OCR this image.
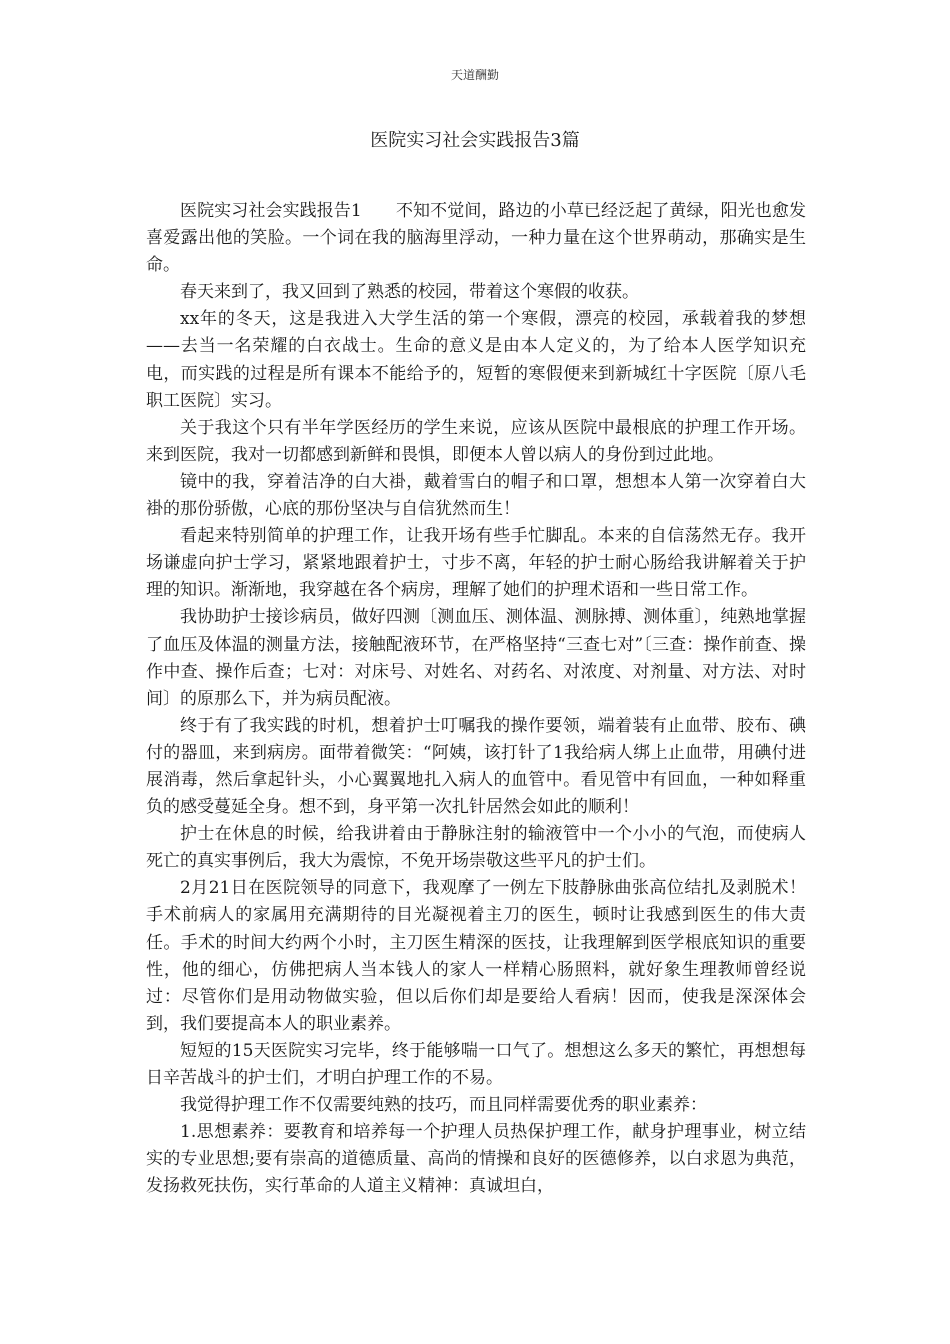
天道酬勤
医院实习社会实践报告3篇

医院实习社会实践报告1　　不知不觉间，路边的小草已经泛起了黄绿，阳光也愈发喜爱露出他的笑脸。一个词在我的脑海里浮动，一种力量在这个世界萌动，那确实是生命。

春天来到了，我又回到了熟悉的校园，带着这个寒假的收获。

xx年的冬天，这是我进入大学生活的第一个寒假，漂亮的校园，承载着我的梦想——去当一名荣耀的白衣战士。生命的意义是由本人定义的，为了给本人医学知识充电，而实践的过程是所有课本不能给予的，短暂的寒假便来到新城红十字医院〔原八毛职工医院〕实习。

关于我这个只有半年学医经历的学生来说，应该从医院中最根底的护理工作开场。来到医院，我对一切都感到新鲜和畏惧，即便本人曾以病人的身份到过此地。

镜中的我，穿着洁净的白大褂，戴着雪白的帽子和口罩，想想本人第一次穿着白大褂的那份骄傲，心底的那份坚决与自信犹然而生！

看起来特别简单的护理工作，让我开场有些手忙脚乱。本来的自信荡然无存。我开场谦虚向护士学习，紧紧地跟着护士，寸步不离，年轻的护士耐心肠给我讲解着关于护理的知识。渐渐地，我穿越在各个病房，理解了她们的护理术语和一些日常工作。

我协助护士接诊病员，做好四测〔测血压、测体温、测脉搏、测体重〕，纯熟地掌握了血压及体温的测量方法，接触配液环节，在严格坚持“三查七对”〔三查：操作前查、操作中查、操作后查；七对：对床号、对姓名、对药名、对浓度、对剂量、对方法、对时间〕的原那么下，并为病员配液。

终于有了我实践的时机，想着护士叮嘱我的操作要领，端着装有止血带、胶布、碘付的器皿，来到病房。面带着微笑：“阿姨，该打针了1我给病人绑上止血带，用碘付进展消毒，然后拿起针头，小心翼翼地扎入病人的血管中。看见管中有回血，一种如释重负的感受蔓延全身。想不到，身平第一次扎针居然会如此的顺利！

护士在休息的时候，给我讲着由于静脉注射的输液管中一个小小的气泡，而使病人死亡的真实事例后，我大为震惊，不免开场崇敬这些平凡的护士们。

2月21日在医院领导的同意下，我观摩了一例左下肢静脉曲张高位结扎及剥脱术！手术前病人的家属用充满期待的目光凝视着主刀的医生，顿时让我感到医生的伟大责任。手术的时间大约两个小时，主刀医生精深的医技，让我理解到医学根底知识的重要性，他的细心，仿佛把病人当本钱人的家人一样精心肠照料，就好象生理教师曾经说过：尽管你们是用动物做实验，但以后你们却是要给人看病！因而，使我是深深体会到，我们要提高本人的职业素养。

短短的15天医院实习完毕，终于能够喘一口气了。想想这么多天的繁忙，再想想每日辛苦战斗的护士们，才明白护理工作的不易。

我觉得护理工作不仅需要纯熟的技巧，而且同样需要优秀的职业素养：

1.思想素养：要教育和培养每一个护理人员热保护理工作，献身护理事业，树立结实的专业思想;要有崇高的道德质量、高尚的情操和良好的医德修养，以白求恩为典范，发扬救死扶伤，实行革命的人道主义精神：真诚坦白，
